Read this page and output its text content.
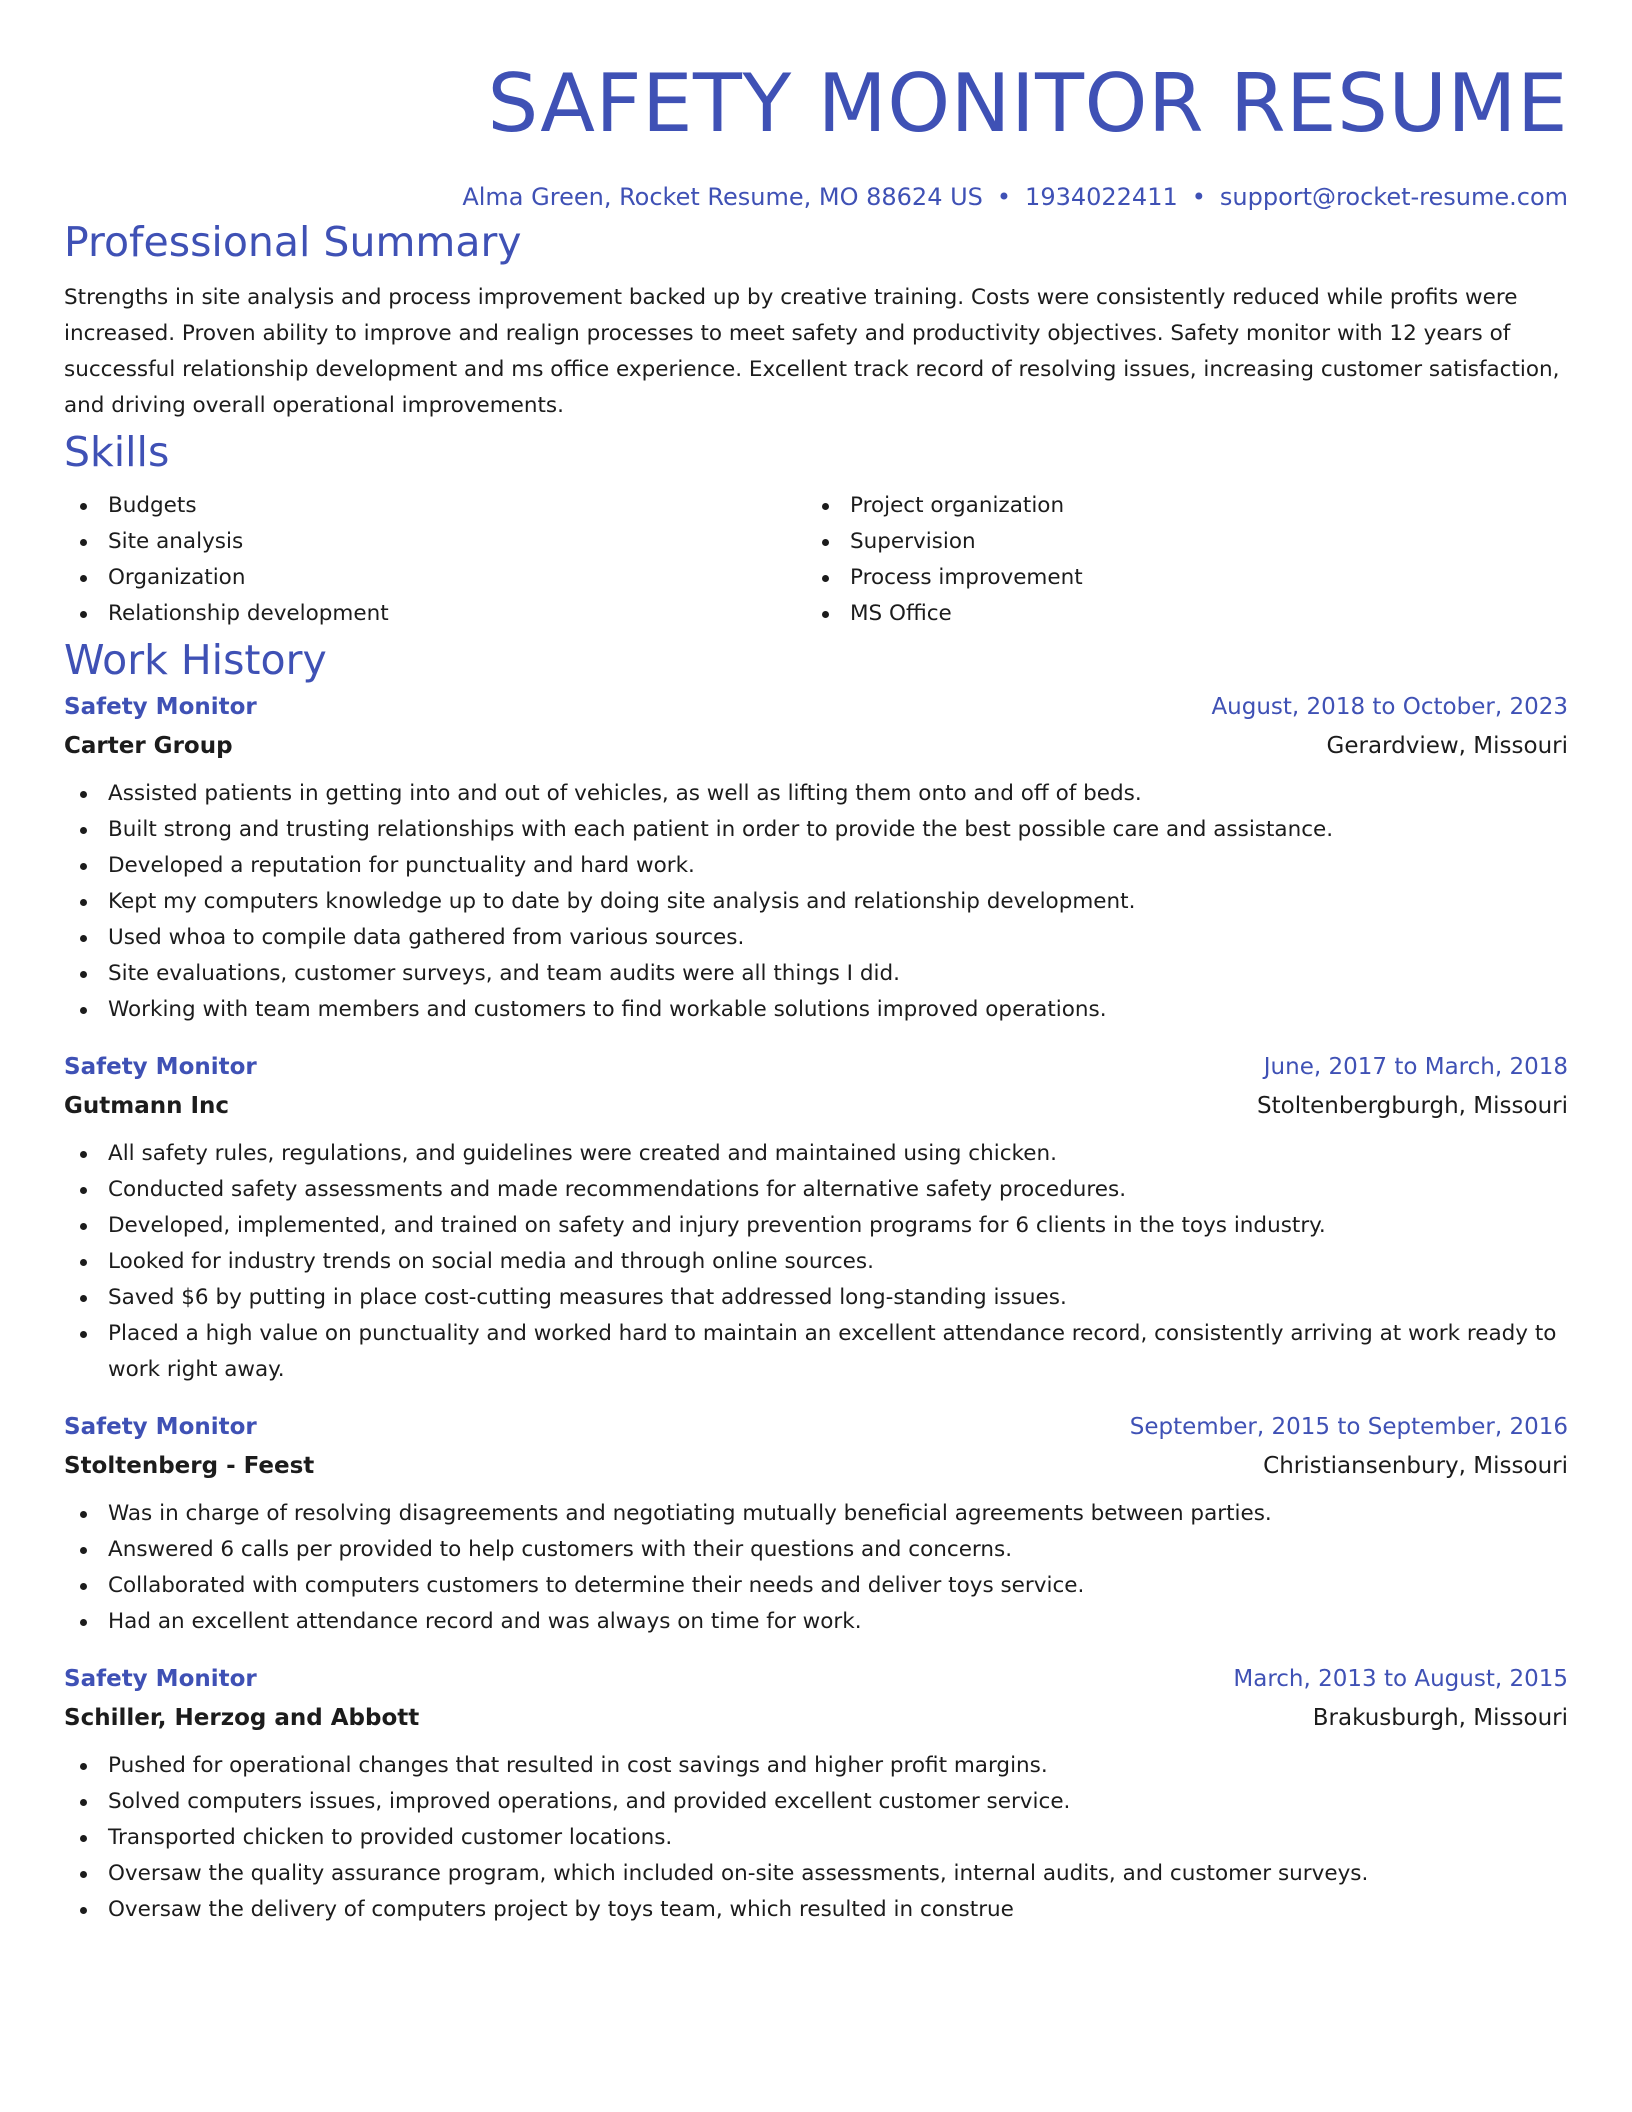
SAFETY MONITOR RESUME
Alma Green, Rocket Resume, MO 88624 US • 1934022411 • support@rocket-resume.com
Professional Summary

Strengths in site analysis and process improvement backed up by creative training. Costs were consistently reduced while profits were increased. Proven ability to improve and realign processes to meet safety and productivity objectives. Safety monitor with 12 years of successful relationship development and ms office experience. Excellent track record of resolving issues, increasing customer satisfaction, and driving overall operational improvements.

Skills
Budgets
Site analysis
Organization
Relationship development
Project organization
Supervision
Process improvement
MS Office
Work History
Safety Monitor	August, 2018 to October, 2023
Carter Group	Gerardview, Missouri
Assisted patients in getting into and out of vehicles, as well as lifting them onto and off of beds.
Built strong and trusting relationships with each patient in order to provide the best possible care and assistance.
Developed a reputation for punctuality and hard work.
Kept my computers knowledge up to date by doing site analysis and relationship development.
Used whoa to compile data gathered from various sources.
Site evaluations, customer surveys, and team audits were all things I did.
Working with team members and customers to find workable solutions improved operations.
Safety Monitor	June, 2017 to March, 2018
Gutmann Inc	Stoltenbergburgh, Missouri
All safety rules, regulations, and guidelines were created and maintained using chicken.
Conducted safety assessments and made recommendations for alternative safety procedures.
Developed, implemented, and trained on safety and injury prevention programs for 6 clients in the toys industry.
Looked for industry trends on social media and through online sources.
Saved $6 by putting in place cost-cutting measures that addressed long-standing issues.
Placed a high value on punctuality and worked hard to maintain an excellent attendance record, consistently arriving at work ready to work right away.
Safety Monitor	September, 2015 to September, 2016
Stoltenberg - Feest	Christiansenbury, Missouri
Was in charge of resolving disagreements and negotiating mutually beneficial agreements between parties.
Answered 6 calls per provided to help customers with their questions and concerns.
Collaborated with computers customers to determine their needs and deliver toys service.
Had an excellent attendance record and was always on time for work.
Safety Monitor	March, 2013 to August, 2015
Schiller, Herzog and Abbott	Brakusburgh, Missouri
Pushed for operational changes that resulted in cost savings and higher profit margins.
Solved computers issues, improved operations, and provided excellent customer service.
Transported chicken to provided customer locations.
Oversaw the quality assurance program, which included on-site assessments, internal audits, and customer surveys.
Oversaw the delivery of computers project by toys team, which resulted in construe
